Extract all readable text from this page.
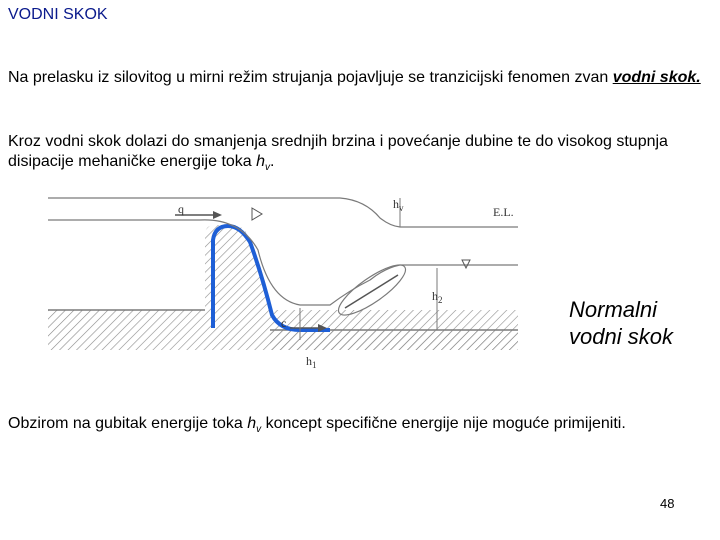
VODNI SKOK
Na prelasku iz silovitog u mirni režim strujanja pojavljuje se tranzicijski fenomen zvan vodni skok.
Kroz vodni skok dolazi do smanjenja srednjih brzina i povećanje dubine te do visokog stupnja disipacije mehaničke energije toka $h_v$.
q	$h_v$	E.L.
$h_2$
c
$h_1$
Normalni
vodni skok
Obzirom na gubitak energije toka $h_v$ koncept specifične energije nije moguće primijeniti.
48
